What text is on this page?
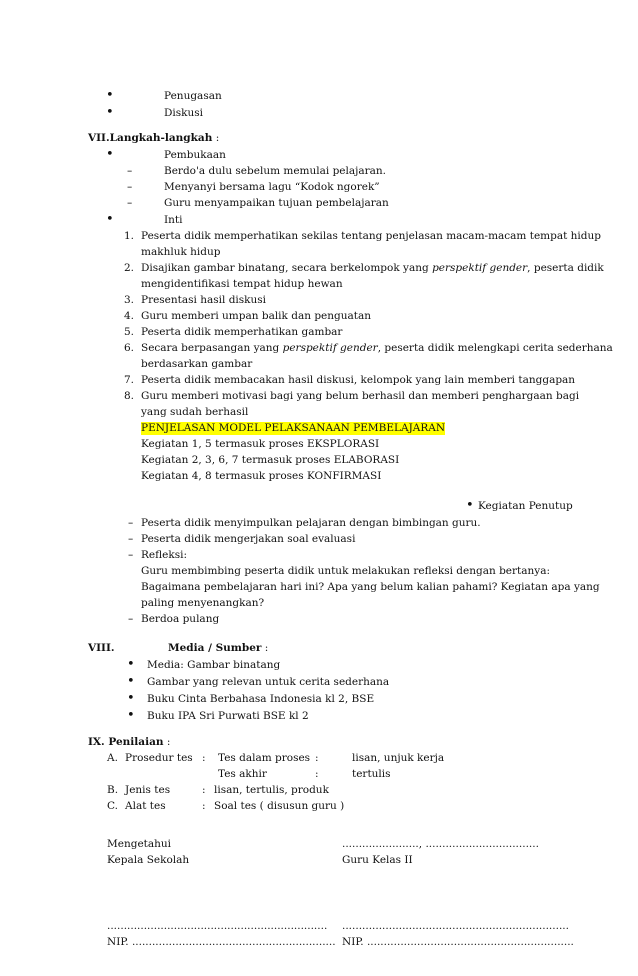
•	Penugasan
•	Diskusi
VII.Langkah-langkah :
•	Pembukaan
–	Berdo'a dulu sebelum memulai pelajaran.
–	Menyanyi bersama lagu “Kodok ngorek”
–	Guru menyampaikan tujuan pembelajaran
•	Inti
1. Peserta didik memperhatikan sekilas tentang penjelasan macam-macam tempat hidup
makhluk hidup
2. Disajikan gambar binatang, secara berkelompok yang perspektif gender, peserta didik
mengidentifikasi tempat hidup hewan
3. Presentasi hasil diskusi
4. Guru memberi umpan balik dan penguatan
5. Peserta didik memperhatikan gambar
6. Secara berpasangan yang perspektif gender, peserta didik melengkapi cerita sederhana
berdasarkan gambar
7. Peserta didik membacakan hasil diskusi, kelompok yang lain memberi tanggapan
8. Guru memberi motivasi bagi yang belum berhasil dan memberi penghargaan bagi
yang sudah berhasil
PENJELASAN MODEL PELAKSANAAN PEMBELAJARAN
Kegiatan 1, 5 termasuk proses EKSPLORASI
Kegiatan 2, 3, 6, 7 termasuk proses ELABORASI
Kegiatan 4, 8 termasuk proses KONFIRMASI
• Kegiatan Penutup
– Peserta didik menyimpulkan pelajaran dengan bimbingan guru.
– Peserta didik mengerjakan soal evaluasi
– Refleksi:
Guru membimbing peserta didik untuk melakukan refleksi dengan bertanya:
Bagaimana pembelajaran hari ini? Apa yang belum kalian pahami? Kegiatan apa yang
paling menyenangkan?
– Berdoa pulang
VIII.	Media / Sumber :
• Media: Gambar binatang
• Gambar yang relevan untuk cerita sederhana
• Buku Cinta Berbahasa Indonesia kl 2, BSE
• Buku IPA Sri Purwati BSE kl 2
IX. Penilaian :
A. Prosedur tes : Tes dalam proses :	lisan, unjuk kerja
Tes akhir	:	tertulis
B. Jenis tes	: lisan, tertulis, produk
C. Alat tes	: Soal tes ( disusun guru )
Mengetahui
Kepala Sekolah
......................., ..................................
Guru Kelas II
..................................................................
NIP. .............................................................
....................................................................
NIP. ..............................................................
